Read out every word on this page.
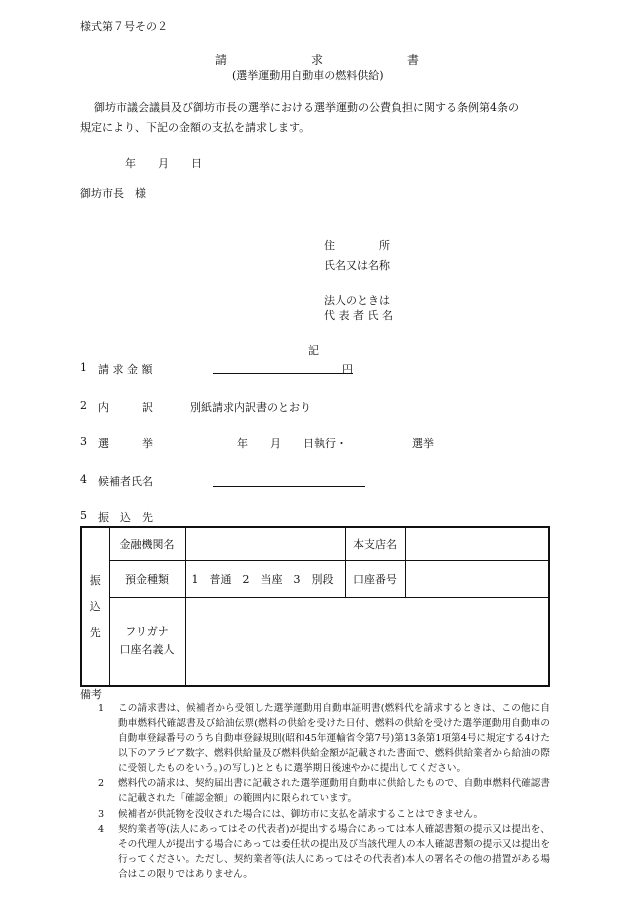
様式第７号その２
請　　　　　　　求　　　　　　　書
(選挙運動用自動車の燃料供給)
御坊市議会議員及び御坊市長の選挙における選挙運動の公費負担に関する条例第4条の
規定により、下記の金額の支払を請求します。
年　　月　　日
御坊市長　様
住　　　　所
氏名又は名称
法人のときは
代 表 者 氏 名
記
1 請 求 金 額	円
2 内　　　訳	別紙請求内訳書のとおり
3 選　　　挙	年　　月　　日執行・	選挙
4 候補者氏名
5 振　込　先
振
込
先	金融機関名		本支店名	
	預金種類	1　普通　2　当座　3　別段	口座番号	

	フリガナ
口座名義人			

備考
1 この請求書は、候補者から受領した選挙運動用自動車証明書(燃料代を請求するときは、この他に自動車燃料代確認書及び給油伝票(燃料の供給を受けた日付、燃料の供給を受けた選挙運動用自動車の自動車登録番号のうち自動車登録規則(昭和45年運輸省令第7号)第13条第1項第4号に規定する4けた以下のアラビア数字、燃料供給量及び燃料供給金額が記載された書面で、燃料供給業者から給油の際に受領したものをいう。)の写し)とともに選挙期日後速やかに提出してください。
2 燃料代の請求は、契約届出書に記載された選挙運動用自動車に供給したもので、自動車燃料代確認書に記載された「確認金額」の範囲内に限られています。
3 候補者が供託物を没収された場合には、御坊市に支払を請求することはできません。
4 契約業者等(法人にあってはその代表者)が提出する場合にあっては本人確認書類の提示又は提出を、その代理人が提出する場合にあっては委任状の提出及び当該代理人の本人確認書類の提示又は提出を行ってください。ただし、契約業者等(法人にあってはその代表者)本人の署名その他の措置がある場合はこの限りではありません。
